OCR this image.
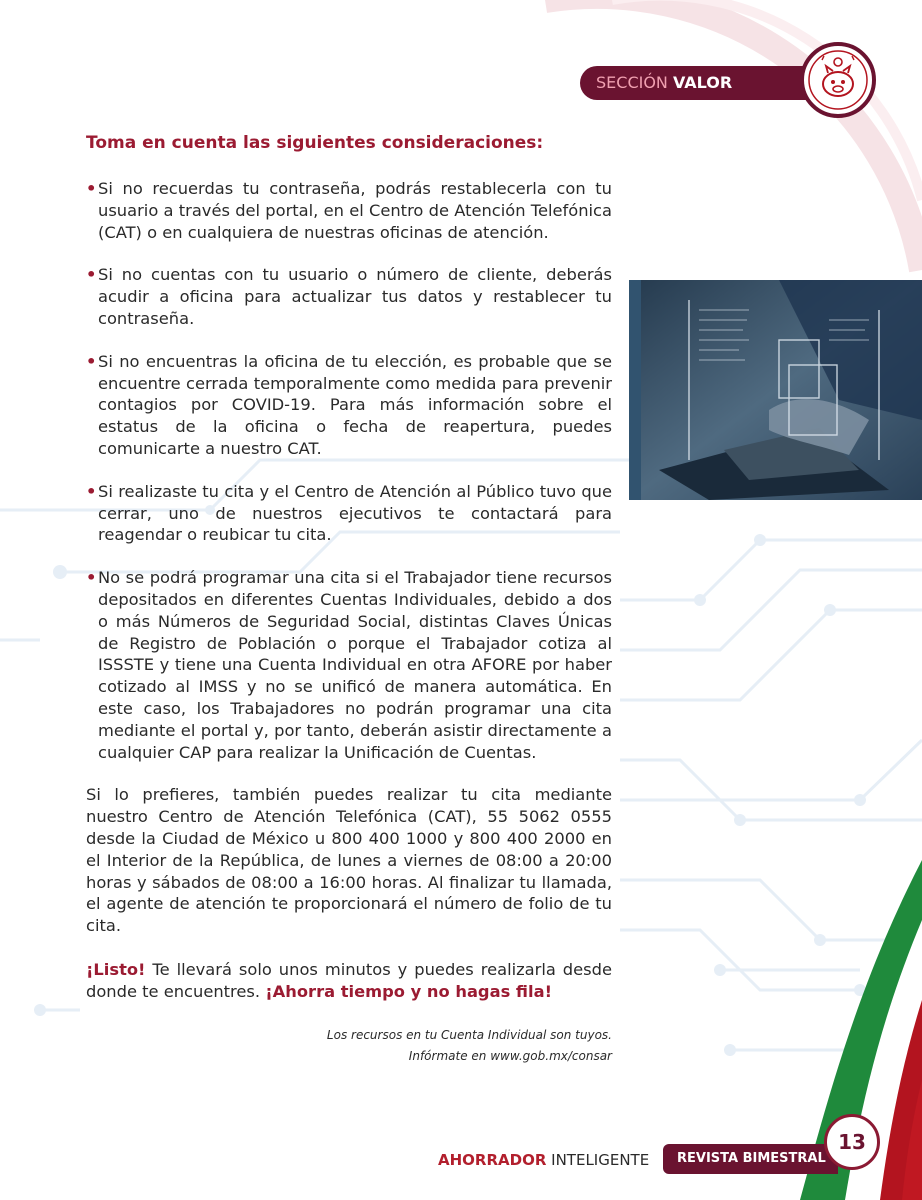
SECCIÓN VALOR
Toma en cuenta las siguientes consideraciones:
• Si no recuerdas tu contraseña, podrás restablecerla con tu usuario a través del portal, en el Centro de Atención Telefónica (CAT) o en cualquiera de nuestras oficinas de atención.
• Si no cuentas con tu usuario o número de cliente, deberás acudir a oficina para actualizar tus datos y restablecer tu contraseña.
• Si no encuentras la oficina de tu elección, es probable que se encuentre cerrada temporalmente como medida para prevenir contagios por COVID-19. Para más información sobre el estatus de la oficina o fecha de reapertura, puedes comunicarte a nuestro CAT.
• Si realizaste tu cita y el Centro de Atención al Público tuvo que cerrar, uno de nuestros ejecutivos te contactará para reagendar o reubicar tu cita.
• No se podrá programar una cita si el Trabajador tiene recursos depositados en diferentes Cuentas Individuales, debido a dos o más Números de Seguridad Social, distintas Claves Únicas de Registro de Población o porque el Trabajador cotiza al ISSSTE y tiene una Cuenta Individual en otra AFORE por haber cotizado al IMSS y no se unificó de manera automática. En este caso, los Trabajadores no podrán programar una cita mediante el portal y, por tanto, deberán asistir directamente a cualquier CAP para realizar la Unificación de Cuentas.

Si lo prefieres, también puedes realizar tu cita mediante nuestro Centro de Atención Telefónica (CAT), 55 5062 0555 desde la Ciudad de México u 800 400 1000 y 800 400 2000 en el Interior de la República, de lunes a viernes de 08:00 a 20:00 horas y sábados de 08:00 a 16:00 horas. Al finalizar tu llamada, el agente de atención te proporcionará el número de folio de tu cita.

¡Listo! Te llevará solo unos minutos y puedes realizarla desde donde te encuentres. ¡Ahorra tiempo y no hagas fila!

Los recursos en tu Cuenta Individual son tuyos.
Infórmate en www.gob.mx/consar
AHORRADOR INTELIGENTE	REVISTA BIMESTRAL
13
